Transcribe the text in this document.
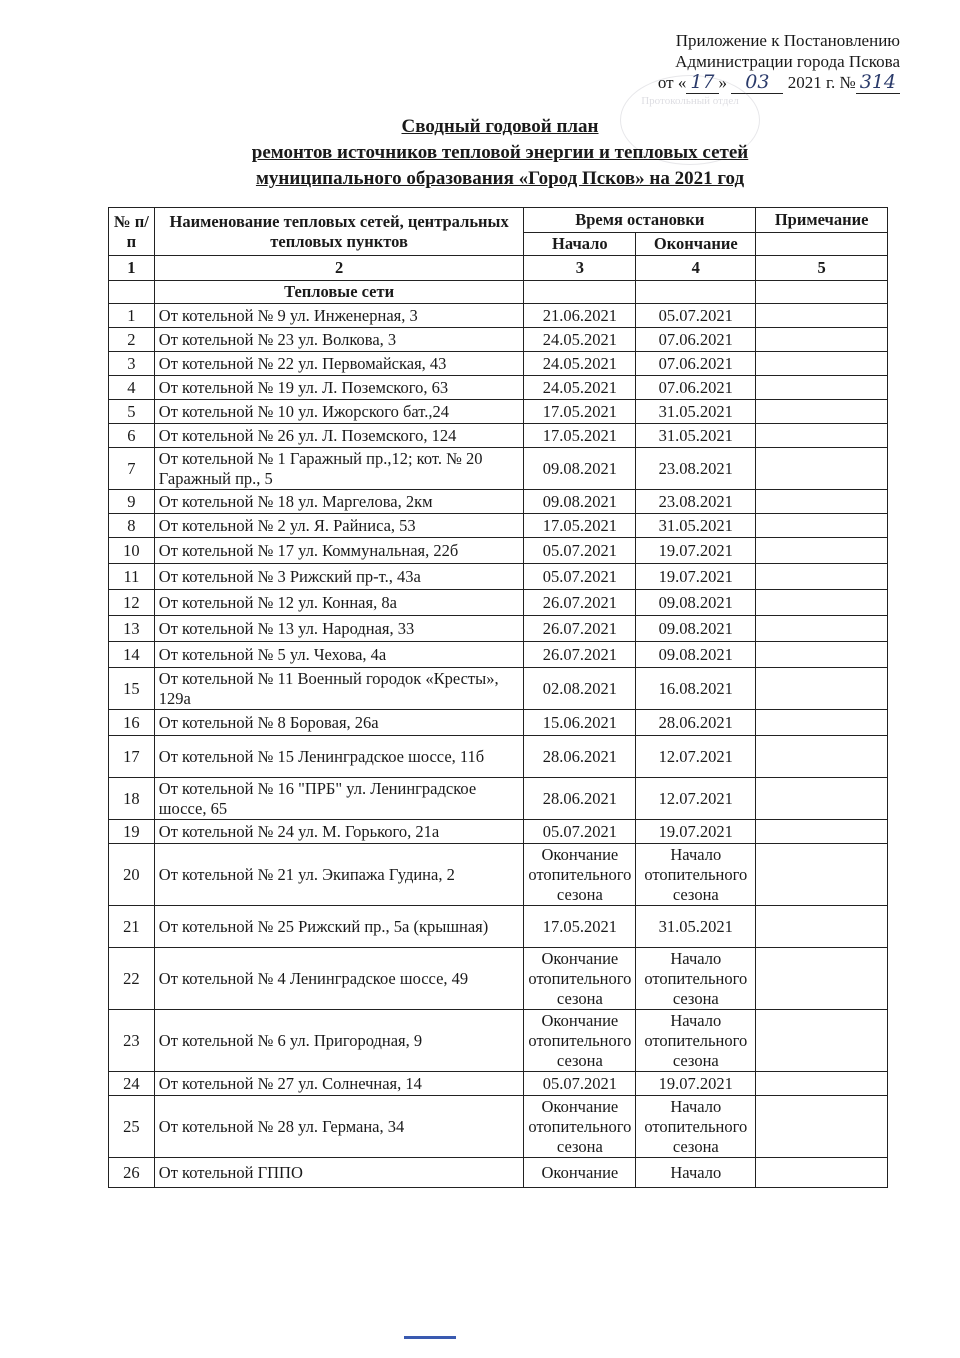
Приложение к Постановлению
Администрации города Пскова
от « 17 » 03 2021 г. № 314
Протокольный отдел
Сводный годовой план
ремонтов источников тепловой энергии и тепловых сетей
муниципального образования «Город Псков» на 2021 год
№ п/п	Наименование тепловых сетей, центральных тепловых пунктов	Время остановки		Примечание
		Начало	Окончание	
1	2	3	4	5
	Тепловые сети			
1	От котельной № 9 ул. Инженерная, 3	21.06.2021	05.07.2021	
2	От котельной № 23 ул. Волкова, 3	24.05.2021	07.06.2021	
3	От котельной № 22 ул. Первомайская, 43	24.05.2021	07.06.2021	
4	От котельной № 19 ул. Л. Поземского, 63	24.05.2021	07.06.2021	
5	От котельной № 10 ул. Ижорского бат.,24	17.05.2021	31.05.2021	
6	От котельной № 26 ул. Л. Поземского, 124	17.05.2021	31.05.2021	
7	От котельной № 1 Гаражный пр.,12; кот. № 20 Гаражный пр., 5	09.08.2021	23.08.2021	
9	От котельной № 18 ул. Маргелова, 2км	09.08.2021	23.08.2021	
8	От котельной № 2 ул. Я. Райниса, 53	17.05.2021	31.05.2021	
10	От котельной № 17 ул. Коммунальная, 22б	05.07.2021	19.07.2021	
11	От котельной № 3 Рижский пр-т., 43а	05.07.2021	19.07.2021	
12	От котельной № 12 ул. Конная, 8а	26.07.2021	09.08.2021	
13	От котельной № 13 ул. Народная, 33	26.07.2021	09.08.2021	
14	От котельной № 5 ул. Чехова, 4а	26.07.2021	09.08.2021	
15	От котельной № 11 Военный городок «Кресты», 129а	02.08.2021	16.08.2021	
16	От котельной № 8 Боровая, 26а	15.06.2021	28.06.2021	
17	От котельной № 15 Ленинградское шоссе, 11б	28.06.2021	12.07.2021	
18	От котельной № 16 "ПРБ" ул. Ленинградское шоссе, 65	28.06.2021	12.07.2021	
19	От котельной № 24 ул. М. Горького, 21а	05.07.2021	19.07.2021	
20	От котельной № 21 ул. Экипажа Гудина, 2	Окончание отопительного сезона	Начало отопительного сезона	
21	От котельной № 25 Рижский пр., 5а (крышная)	17.05.2021	31.05.2021	
22	От котельной № 4 Ленинградское шоссе, 49	Окончание отопительного сезона	Начало отопительного сезона	
23	От котельной № 6 ул. Пригородная, 9	Окончание отопительного сезона	Начало отопительного сезона	
24	От котельной № 27 ул. Солнечная, 14	05.07.2021	19.07.2021	
25	От котельной № 28 ул. Германа, 34	Окончание отопительного сезона	Начало отопительного сезона	
26	От котельной ГППО	Окончание	Начало	
